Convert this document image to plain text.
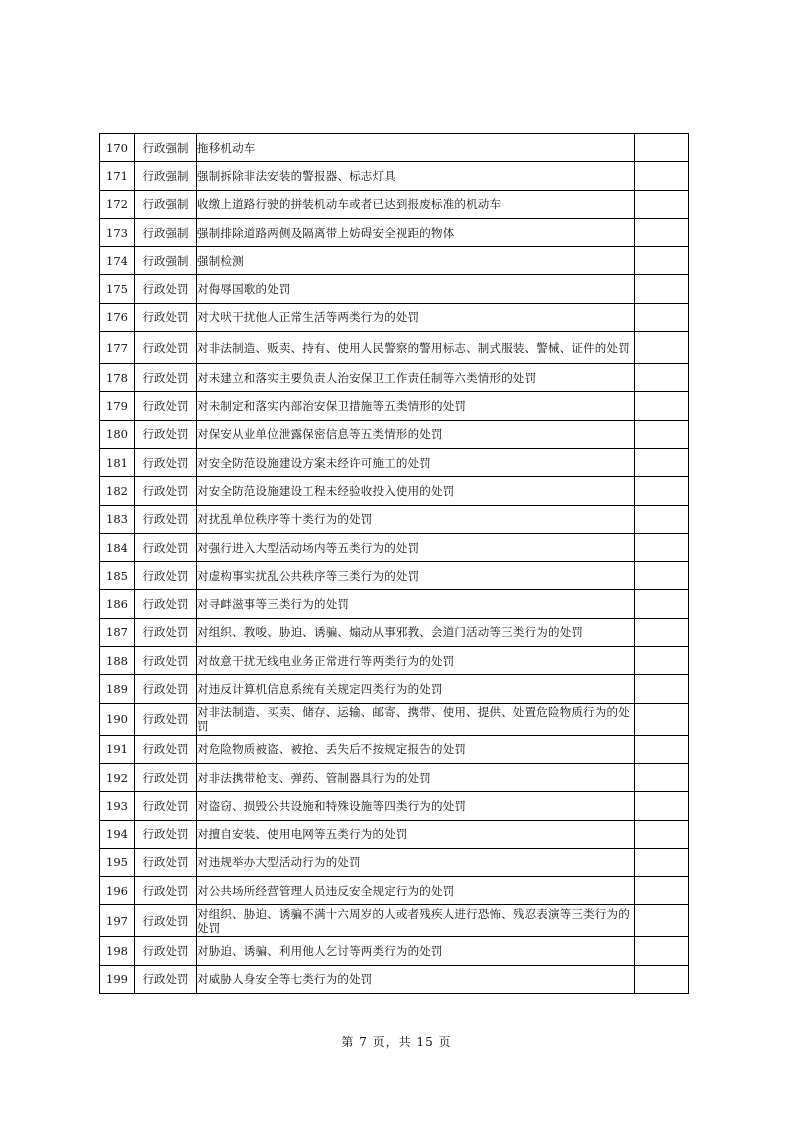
170	行政强制	拖移机动车	
171	行政强制	强制拆除非法安装的警报器、标志灯具	
172	行政强制	收缴上道路行驶的拼装机动车或者已达到报废标准的机动车	
173	行政强制	强制排除道路两侧及隔离带上妨碍安全视距的物体	
174	行政强制	强制检测	
175	行政处罚	对侮辱国歌的处罚	
176	行政处罚	对犬吠干扰他人正常生活等两类行为的处罚	
177	行政处罚	对非法制造、贩卖、持有、使用人民警察的警用标志、制式服装、警械、证件的处罚	
178	行政处罚	对未建立和落实主要负责人治安保卫工作责任制等六类情形的处罚	
179	行政处罚	对未制定和落实内部治安保卫措施等五类情形的处罚	
180	行政处罚	对保安从业单位泄露保密信息等五类情形的处罚	
181	行政处罚	对安全防范设施建设方案未经许可施工的处罚	
182	行政处罚	对安全防范设施建设工程未经验收投入使用的处罚	
183	行政处罚	对扰乱单位秩序等十类行为的处罚	
184	行政处罚	对强行进入大型活动场内等五类行为的处罚	
185	行政处罚	对虚构事实扰乱公共秩序等三类行为的处罚	
186	行政处罚	对寻衅滋事等三类行为的处罚	
187	行政处罚	对组织、教唆、胁迫、诱骗、煽动从事邪教、会道门活动等三类行为的处罚	
188	行政处罚	对故意干扰无线电业务正常进行等两类行为的处罚	
189	行政处罚	对违反计算机信息系统有关规定四类行为的处罚	
190	行政处罚	对非法制造、买卖、储存、运输、邮寄、携带、使用、提供、处置危险物质行为的处罚	
191	行政处罚	对危险物质被盗、被抢、丢失后不按规定报告的处罚	
192	行政处罚	对非法携带枪支、弹药、管制器具行为的处罚	
193	行政处罚	对盗窃、损毁公共设施和特殊设施等四类行为的处罚	
194	行政处罚	对擅自安装、使用电网等五类行为的处罚	
195	行政处罚	对违规举办大型活动行为的处罚	
196	行政处罚	对公共场所经营管理人员违反安全规定行为的处罚	
197	行政处罚	对组织、胁迫、诱骗不满十六周岁的人或者残疾人进行恐怖、残忍表演等三类行为的处罚	
198	行政处罚	对胁迫、诱骗、利用他人乞讨等两类行为的处罚	
199	行政处罚	对威胁人身安全等七类行为的处罚	
第 7 页，共 15 页
